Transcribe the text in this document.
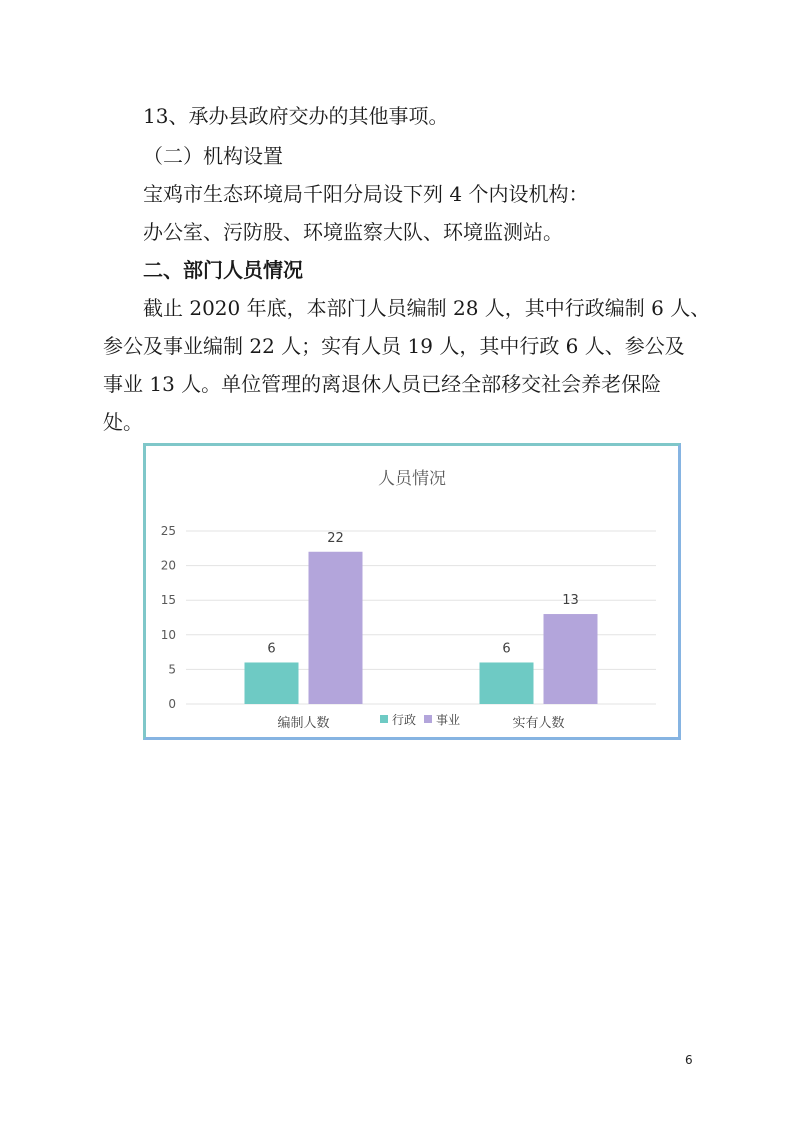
13、承办县政府交办的其他事项。
（二）机构设置
宝鸡市生态环境局千阳分局设下列 4 个内设机构：
办公室、污防股、环境监察大队、环境监测站。
二、部门人员情况
截止 2020 年底，本部门人员编制 28 人，其中行政编制 6 人、
参公及事业编制 22 人；实有人员 19 人，其中行政 6 人、参公及
事业 13 人。单位管理的离退休人员已经全部移交社会养老保险
处。
人员情况
0
5
10
15
20
25
6
22
编制人数
6
13
实有人数
行政 事业
6
